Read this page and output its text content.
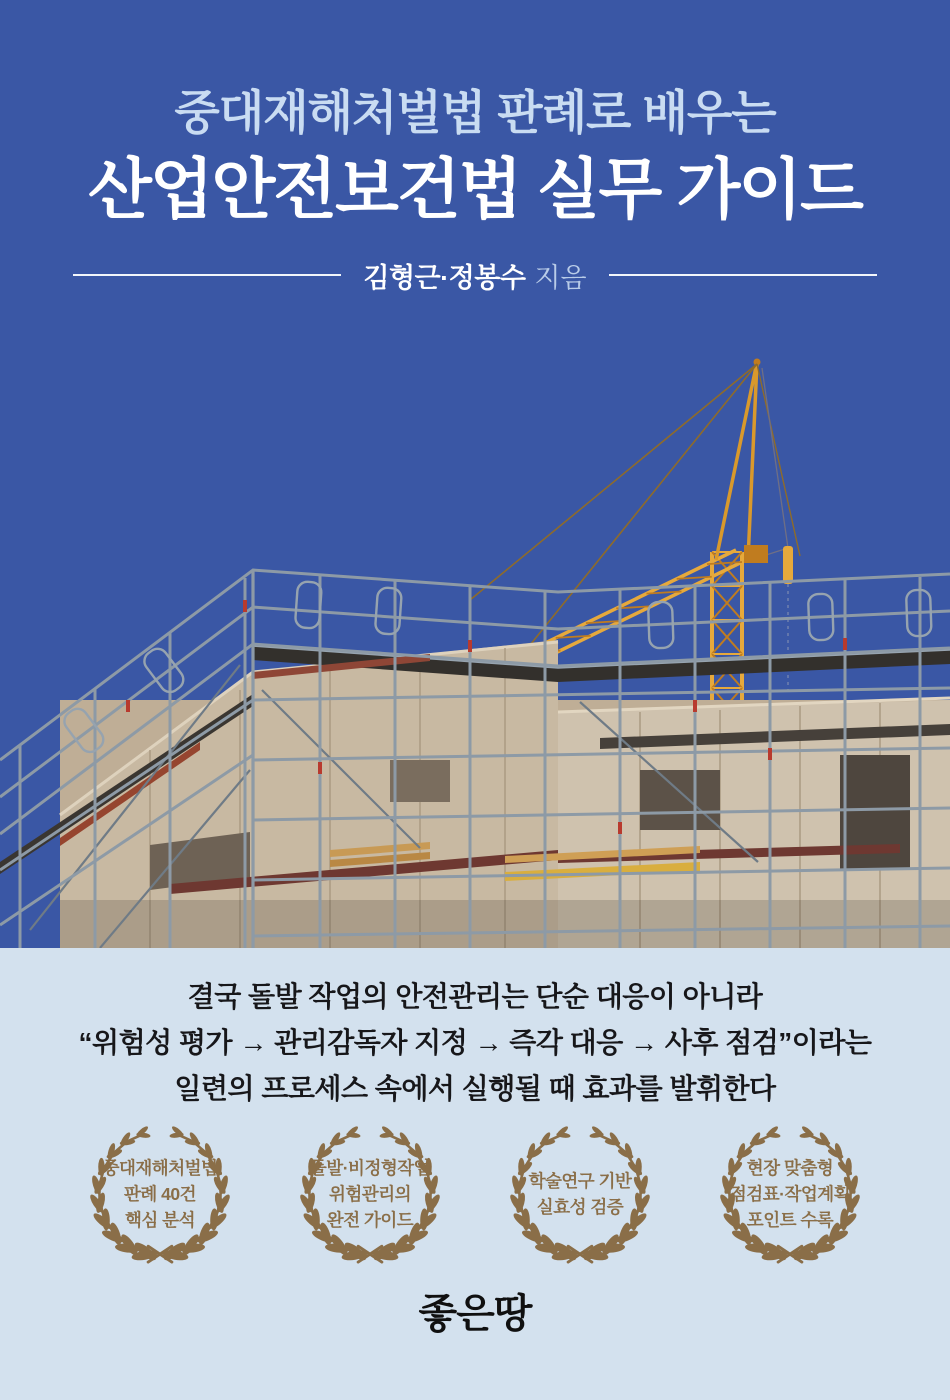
중대재해처벌법 판례로 배우는
산업안전보건법 실무 가이드
김형근·정봉수 지음

결국 돌발 작업의 안전관리는 단순 대응이 아니라
“위험성 평가 → 관리감독자 지정 → 즉각 대응 → 사후 점검”이라는
일련의 프로세스 속에서 실행될 때 효과를 발휘한다

중대재해처벌법
판례 40건
핵심 분석
돌발·비정형작업
위험관리의
완전 가이드
학술연구 기반
실효성 검증
현장 맞춤형
점검표·작업계획
포인트 수록
좋은땅
